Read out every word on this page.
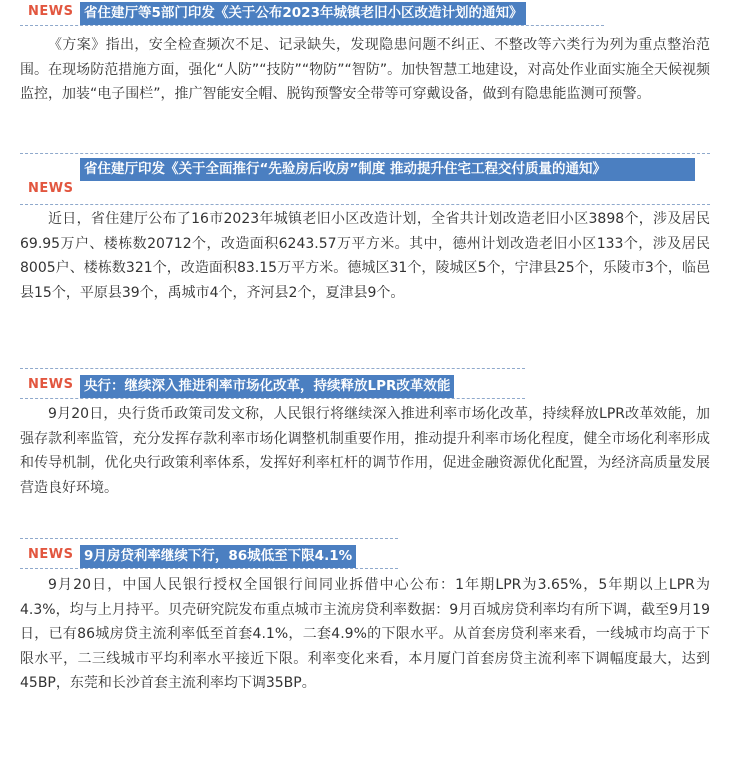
NEWS 省住建厅等5部门印发《关于公布2023年城镇老旧小区改造计划的通知》

《方案》指出，安全检查频次不足、记录缺失，发现隐患问题不纠正、不整改等六类行为列为重点整治范围。在现场防范措施方面，强化“人防”“技防”“物防”“智防”。加快智慧工地建设，对高处作业面实施全天候视频监控，加装“电子围栏”，推广智能安全帽、脱钩预警安全带等可穿戴设备，做到有隐患能监测可预警。

NEWS
省住建厅印发《关于全面推行“先验房后收房”制度 推动提升住宅工程交付质量的通知》

近日，省住建厅公布了16市2023年城镇老旧小区改造计划，全省共计划改造老旧小区3898个，涉及居民69.95万户、楼栋数20712个，改造面积6243.57万平方米。其中，德州计划改造老旧小区133个，涉及居民8005户、楼栋数321个，改造面积83.15万平方米。德城区31个，陵城区5个，宁津县25个，乐陵市3个，临邑县15个，平原县39个，禹城市4个，齐河县2个，夏津县9个。

NEWS 央行：继续深入推进利率市场化改革，持续释放LPR改革效能

9月20日，央行货币政策司发文称，人民银行将继续深入推进利率市场化改革，持续释放LPR改革效能，加强存款利率监管，充分发挥存款利率市场化调整机制重要作用，推动提升利率市场化程度，健全市场化利率形成和传导机制，优化央行政策利率体系，发挥好利率杠杆的调节作用，促进金融资源优化配置，为经济高质量发展营造良好环境。

NEWS 9月房贷利率继续下行，86城低至下限4.1%

9月20日，中国人民银行授权全国银行间同业拆借中心公布：1年期LPR为3.65%，5年期以上LPR为4.3%，均与上月持平。贝壳研究院发布重点城市主流房贷利率数据：9月百城房贷利率均有所下调，截至9月19日，已有86城房贷主流利率低至首套4.1%，二套4.9%的下限水平。从首套房贷利率来看，一线城市均高于下限水平，二三线城市平均利率水平接近下限。利率变化来看，本月厦门首套房贷主流利率下调幅度最大，达到45BP，东莞和长沙首套主流利率均下调35BP。
